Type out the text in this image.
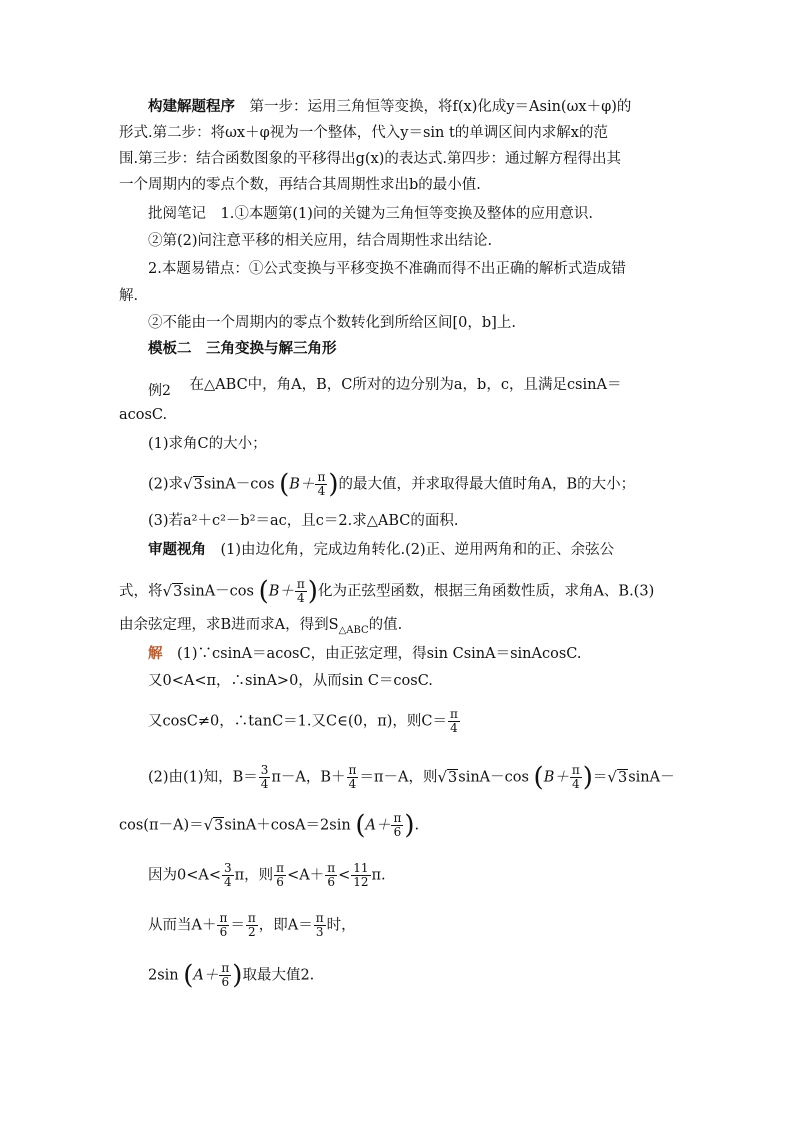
构建解题程序　 第一步：运用三角恒等变换，将f(x)化成y＝Asin(ωx＋φ)的
形式.第二步：将ωx＋φ视为一个整体，代入y＝sin t的单调区间内求解x的范
围.第三步：结合函数图象的平移得出g(x)的表达式.第四步：通过解方程得出其
一个周期内的零点个数，再结合其周期性求出b的最小值.
批阅笔记　 1.①本题第(1)问的关键为三角恒等变换及整体的应用意识.
②第(2)问注意平移的相关应用，结合周期性求出结论.
2.本题易错点：①公式变换与平移变换不准确而得不出正确的解析式造成错
解.
②不能由一个周期内的零点个数转化到所给区间[0，b]上.
模板二　三角变换与解三角形
例2 在△ABC中，角A，B，C所对的边分别为a，b，c，且满足csinA＝
acosC.
(1)求角C的大小；
(2)求√3sinA－cos ($B+ \frac{\pi}{4}$ )的最大值，并求取得最大值时角A，B的大小；
(3)若a²＋c²－b²＝ac，且c＝2.求△ABC的面积.
审题视角　 (1)由边化角，完成边角转化.(2)正、逆用两角和的正、余弦公
式，将√3sinA－cos ($B+ \frac{\pi}{4}$ )化为正弦型函数，根据三角函数性质，求角A、B.(3)
由余弦定理，求B进而求A，得到$S_{\triangle ABC}$的值.
解　 (1)∵csinA＝acosC，由正弦定理，得sin CsinA＝sinAcosC.
又0<A<π，∴sinA>0，从而sin C＝cosC.
又cosC≠0，∴tanC＝1.又C∈(0，π)，则$C= \frac{\pi}{4}$
(2)由(1)知，$B= \frac{3}{4} \pi-A$，$B+ \frac{\pi}{4} =\pi-A$，则√3sinA－cos $(B+ \frac{\pi}{4} )=√3\sin A-$
cos(π－A)＝√3sinA＋cosA＝2sin ($A+ \frac{\pi}{6}$ ).
因为$0<A< \frac{3}{4}$ π，则 $\frac{\pi}{6} <A+ \frac{\pi}{6} < \frac{11}{12} \pi$.
从而当$A+ \frac{\pi}{6} = \frac{\pi}{2}$ ，即$A= \frac{\pi}{3}$ 时，
2sin ($A+ \frac{\pi}{6}$ )取最大值2.
